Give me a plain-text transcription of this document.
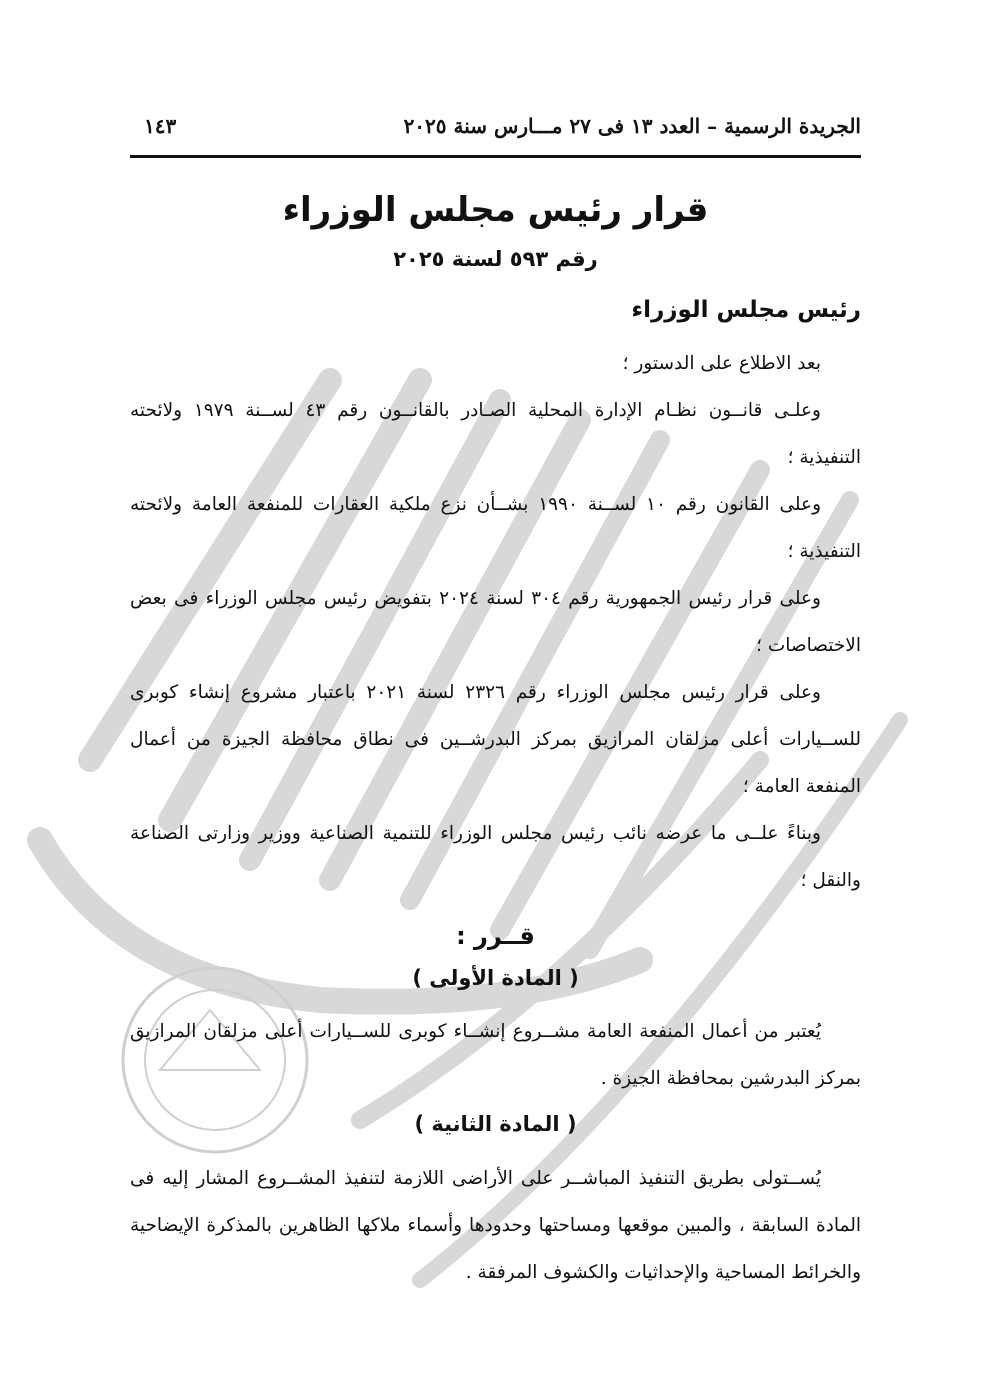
الجريدة الرسمية – العدد ١٣ فى ٢٧ مـــارس سنة ٢٠٢٥
١٤٣
قرار رئيس مجلس الوزراء
رقم ٥٩٣ لسنة ٢٠٢٥
رئيس مجلس الوزراء

بعد الاطلاع على الدستور ؛

وعلـى قانــون نظـام الإدارة المحلية الصـادر بالقانــون رقم ٤٣ لســنة ١٩٧٩ ولائحته التنفيذية ؛

وعلى القانون رقم ١٠ لســنة ١٩٩٠ بشــأن نزع ملكية العقارات للمنفعة العامة ولائحته التنفيذية ؛

وعلى قرار رئيس الجمهورية رقم ٣٠٤ لسنة ٢٠٢٤ بتفويض رئيس مجلس الوزراء فى بعض الاختصاصات ؛

وعلى قرار رئيس مجلس الوزراء رقم ٢٣٢٦ لسنة ٢٠٢١ باعتبار مشروع إنشاء كوبرى للســيارات أعلى مزلقان المرازيق بمركز البدرشــين فى نطاق محافظة الجيزة من أعمال المنفعة العامة ؛

وبناءً علــى ما عرضه نائب رئيس مجلس الوزراء للتنمية الصناعية ووزير وزارتى الصناعة والنقل ؛

قــرر :
( المادة الأولى )

يُعتبر من أعمال المنفعة العامة مشــروع إنشــاء كوبرى للســيارات أعلى مزلقان المرازيق بمركز البدرشين بمحافظة الجيزة .

( المادة الثانية )

يُســتولى بطريق التنفيذ المباشــر على الأراضى اللازمة لتنفيذ المشــروع المشار إليه فى المادة السابقة ، والمبين موقعها ومساحتها وحدودها وأسماء ملاكها الظاهرين بالمذكرة الإيضاحية والخرائط المساحية والإحداثيات والكشوف المرفقة .
